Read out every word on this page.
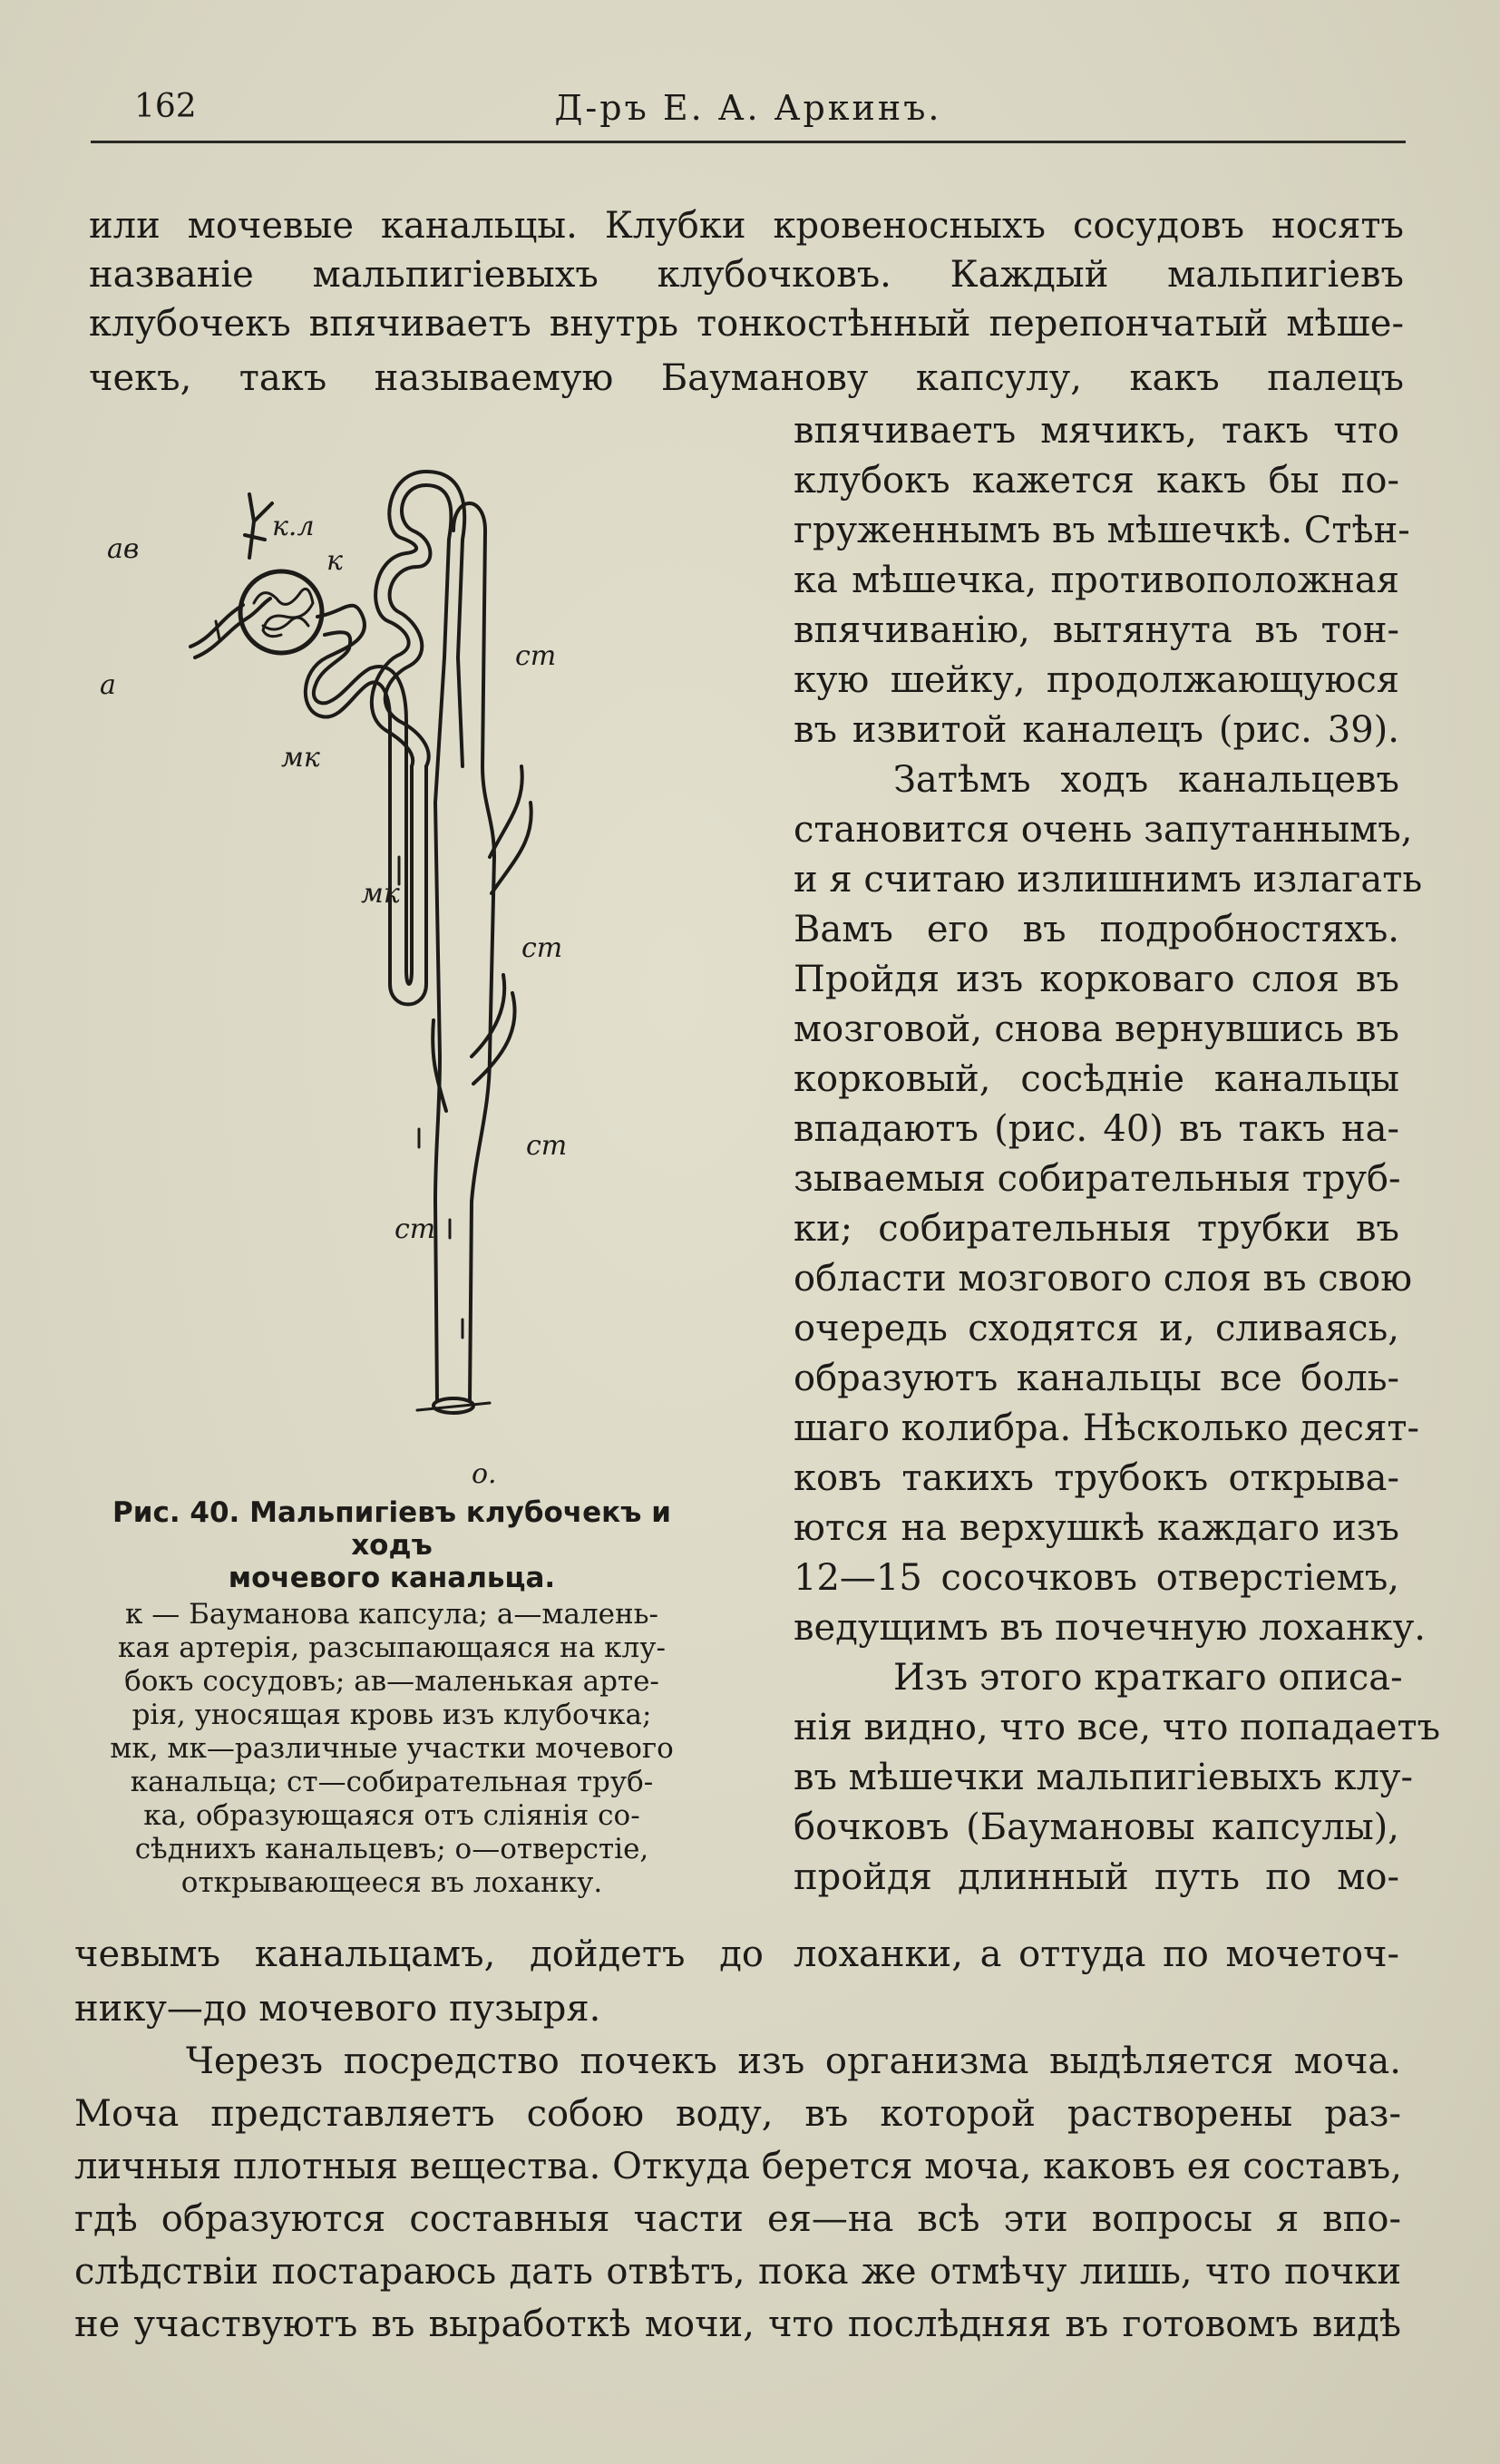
162	Д-ръ Е. А. Аркинъ.
или мочевые канальцы. Клубки кровеносныхъ сосудовъ носятъ
названiе мальпигiевыхъ клубочковъ. Каждый мальпигiевъ
клубочекъ впячиваетъ внутрь тонкостѣнный перепончатый мѣше-
чекъ, такъ называемую Бауманову капсулу, какъ палецъ
впячиваетъ мячикъ, такъ что
клубокъ кажется какъ бы по-
груженнымъ въ мѣшечкѣ. Стѣн-
ка мѣшечка, противоположная
впячиванiю, вытянута въ тон-
кую шейку, продолжающуюся
въ извитой каналецъ (рис. 39).
Затѣмъ ходъ канальцевъ
становится очень запутаннымъ,
и я считаю излишнимъ излагать
Вамъ его въ подробностяхъ.
Пройдя изъ корковаго слоя въ
мозговой, снова вернувшись въ
корковый, сосѣднiе канальцы
впадаютъ (рис. 40) въ такъ на-
зываемыя собирательныя труб-
ки; собирательныя трубки въ
области мозгового слоя въ свою
очередь сходятся и, сливаясь,
образуютъ канальцы все боль-
шаго колибра. Нѣсколько десят-
ковъ такихъ трубокъ открыва-
ются на верхушкѣ каждаго изъ
12—15 сосочковъ отверстiемъ,
ведущимъ въ почечную лоханку.
Изъ этого краткаго описа-
нiя видно, что все, что попадаетъ
въ мѣшечки мальпигiевыхъ клу-
бочковъ (Баумановы капсулы),
пройдя длинный путь по мо-
ав
к.л
к
а
мк
мк
ст
ст
ст
ст
о.
Рис. 40. Мальпигiевъ клубочекъ и ходъ
мочевого канальца.
к — Бауманова капсула; а—малень-
кая артерiя, разсыпающаяся на клу-
бокъ сосудовъ; ав—маленькая арте-
рiя, уносящая кровь изъ клубочка;
мк, мк—различные участки мочевого
канальца; ст—собирательная труб-
ка, образующаяся отъ слiянiя со-
сѣднихъ канальцевъ; о—отверстiе,
открывающееся въ лоханку.
чевымъ канальцамъ, дойдетъ до лоханки, а оттуда по мочеточ-
нику—до мочевого пузыря.
Черезъ посредство почекъ изъ организма выдѣляется моча.
Моча представляетъ собою воду, въ которой растворены раз-
личныя плотныя вещества. Откуда берется моча, каковъ ея составъ,
гдѣ образуются составныя части ея—на всѣ эти вопросы я впо-
слѣдствiи постараюсь дать отвѣтъ, пока же отмѣчу лишь, что почки
не участвуютъ въ выработкѣ мочи, что послѣдняя въ готовомъ видѣ
